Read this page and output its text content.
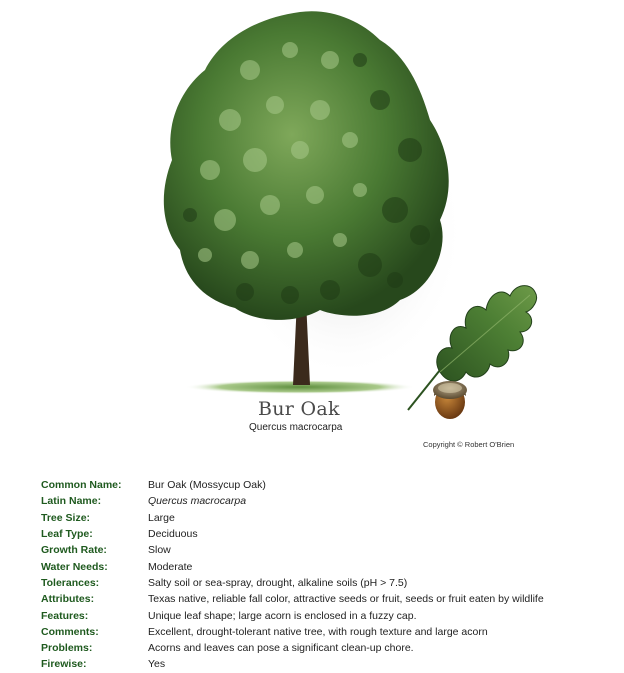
Bur Oak
Quercus macrocarpa
Copyright © Robert O'Brien
Common Name:	Bur Oak (Mossycup Oak)
Latin Name:	Quercus macrocarpa
Tree Size:	Large
Leaf Type:	Deciduous
Growth Rate:	Slow
Water Needs:	Moderate
Tolerances:	Salty soil or sea-spray, drought, alkaline soils (pH > 7.5)
Attributes:	Texas native, reliable fall color, attractive seeds or fruit, seeds or fruit eaten by wildlife
Features:	Unique leaf shape; large acorn is enclosed in a fuzzy cap.
Comments:	Excellent, drought-tolerant native tree, with rough texture and large acorn
Problems:	Acorns and leaves can pose a significant clean-up chore.
Firewise:	Yes
